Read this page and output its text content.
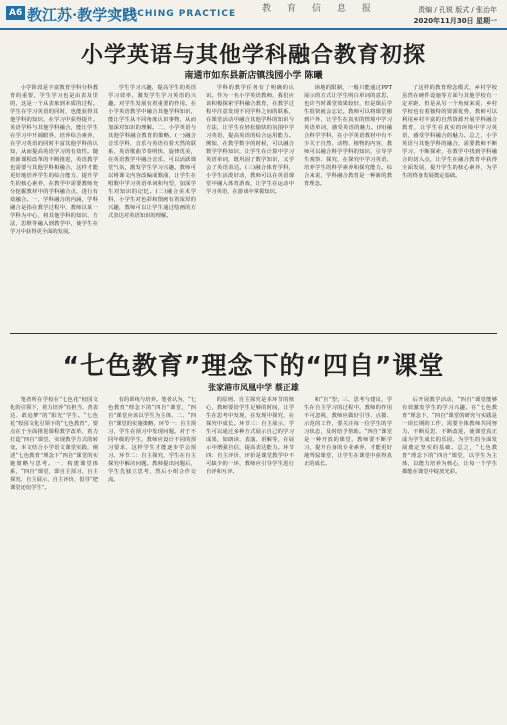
A6 教江苏·教学实践
TEACHING PRACTICE	教育信息报	责编 / 孔锐 版式 / 张治年
2020年11月30日 星期一
小学英语与其他学科融合教育初探
南通市如东县新店镇浅园小学 陈曦

小学阶段是丰富教育学科分科教育的重要，学生学习也是由表及里的，这是一个从表象到本质的过程。学生在学习英语的同时，也能获得其他学科的知识，在学习中获得提升。英语学科与其他学科融合，能让学生在学习中开阔眼界，培养综合素养，在学习英语的同时丰富其他学科的认知，从而提高英语学习的有效性。随着新课程改革的不断推进，英语教学也需要与其他学科相融合，这样才能更好地培养学生的综合能力，提升学生的核心素养，在教学中需要教师充分挖掘教材中的学科融合点，进行有效融合。一、学科融合的内涵，学科融合是指在教学过程中，教师以某一学科为中心，将其他学科的知识、方法、思维等融入到教学中，使学生在学习中获得更全面的发展。

学生学习兴趣，提高学生的英语学习效率，激发学生学习英语的兴趣。对学生发展有着重要的作用。在小学英语教学中融合其他学科知识，能让学生从不同角度认识事物，从而加深对知识的理解。二、小学英语与其他学科融合教育的策略，(一)融合音乐学科，音乐与英语有着天然的联系，英语歌曲节奏明快，旋律优美，在英语教学中融合音乐，可以活跃课堂气氛，激发学生学习兴趣。教师可以将课文内容改编成歌曲，让学生在唱歌中学习英语单词和句型，加深学生对知识的记忆。(二)融合美术学科，小学生对色彩和图画有着浓厚的兴趣，教师可以让学生通过绘画的方式表达对英语知识的理解。

学科的教学任务有了明确的认识。作为一名小学英语教师，我们应该积极探索学科融合教育，在教学过程中注意发现不同学科之间的联系，在课堂活动中融合其他学科的知识与方法，让学生在轻松愉快的氛围中学习英语，提高英语的综合运用能力。例如，在教学数字的时候，可以融合数学学科知识，让学生在计算中学习英语单词，既巩固了数学知识，又学会了英语表达。(三)融合体育学科，小学生活泼好动，教师可以在英语课堂中融入体育游戏，让学生在运动中学习英语，在游戏中掌握知识。

场地的限制，一般只能通过PPT展示的方式让学生明白单词的意思，也许当时课堂效果较好，但是课后学生很快就会忘记。教师可以将课堂搬到户外，让学生在真实的情境中学习英语单词，感受英语的魅力。(四)融合科学学科，在小学英语教材中有不少关于自然、动物、植物的内容，教师可以融合科学学科的知识，引导学生观察、探究，在探究中学习英语，培养学生的科学素养和探究能力。综合来说，学科融合教育是一种新的教育理念。

了这样的教育理念模式，乡村学校虽然在硬件设施等方面与其他学校有一定差距，但是从另一个角度来说，乡村学校也有着独特的资源优势，教师可以利用乡村丰富的自然资源开展学科融合教育，让学生在真实的环境中学习英语，感受学科融合的魅力。总之，小学英语与其他学科的融合，需要教师不断学习、不断探索，在教学中找到学科融合的切入点，让学生在融合教育中获得全面发展，提升学生的核心素养，为学生的终身发展奠定基础。

“七色教育”理念下的“四自”课堂
张家港市凤凰中学 蔡正雄

笔者所在学校在“七色花”校园文化的引领下，着力培养“有担当、善表达、敢追梦”的“阳光”学生。“七色花”校园文化引领下的“七色教育”，要点在于全面推进课程教学改革，着力打造“四自”课堂，实现教学方式的转变。本文结合小学语文课堂实践，阐述“七色教育”理念下“四自”课堂的实施策略与思考。一、构建课堂体系，“四自”课堂，即自主预习、自主探究、自主展示、自主评价，倡导“把课堂还给学生”。

有的训练与培养。笔者认为，“七色教育”理念下的“四自”课堂，“四自”课堂应该以学生为主体，二、“四自”课堂的实施策略，环节一：自主预习，学生在预习中发现问题。对于不同年级的学生，教师应设计不同的预习要求，这样学生才能逐步学会预习。环节二：自主探究，学生在自主探究中解决问题。教师提出问题后，学生先独立思考，然后小组合作交流。

的原则，自主探究是本环节的核心，教师要给学生足够的时间，让学生在思考中发现，在发现中探究，在探究中成长。环节三：自主展示，学生可以通过多种方式展示自己的学习成果，如朗读、表演、讲解等，在展示中增强自信，提高表达能力。环节四：自主评价，评价是课堂教学中不可缺少的一环，教师应引导学生进行自评和互评。

和“自”型；三、思考与建议，学生在自主学习的过程中，教师的作用不可忽视，教师应做好引导、点拨、示范的工作，要关注每一位学生的学习状态，及时给予帮助。“四自”课堂是一种开放的课堂，教师要不断学习，提升自身的专业素养，才能更好地驾驭课堂，让学生在课堂中获得真正的成长。

后开展教学活动，“四自”课堂能够有效激发学生的学习兴趣。在“七色教育”理念下，“四自”课堂的研究与实践是一项长期的工作，需要全体教师共同努力，不断反思、不断改进，使课堂真正成为学生成长的乐园，为学生的全面发展奠定坚实的基础。总之，“七色教育”理念下的“四自”课堂，以学生为主体，以能力培养为核心，让每一个学生都能在课堂中绽放光彩。
